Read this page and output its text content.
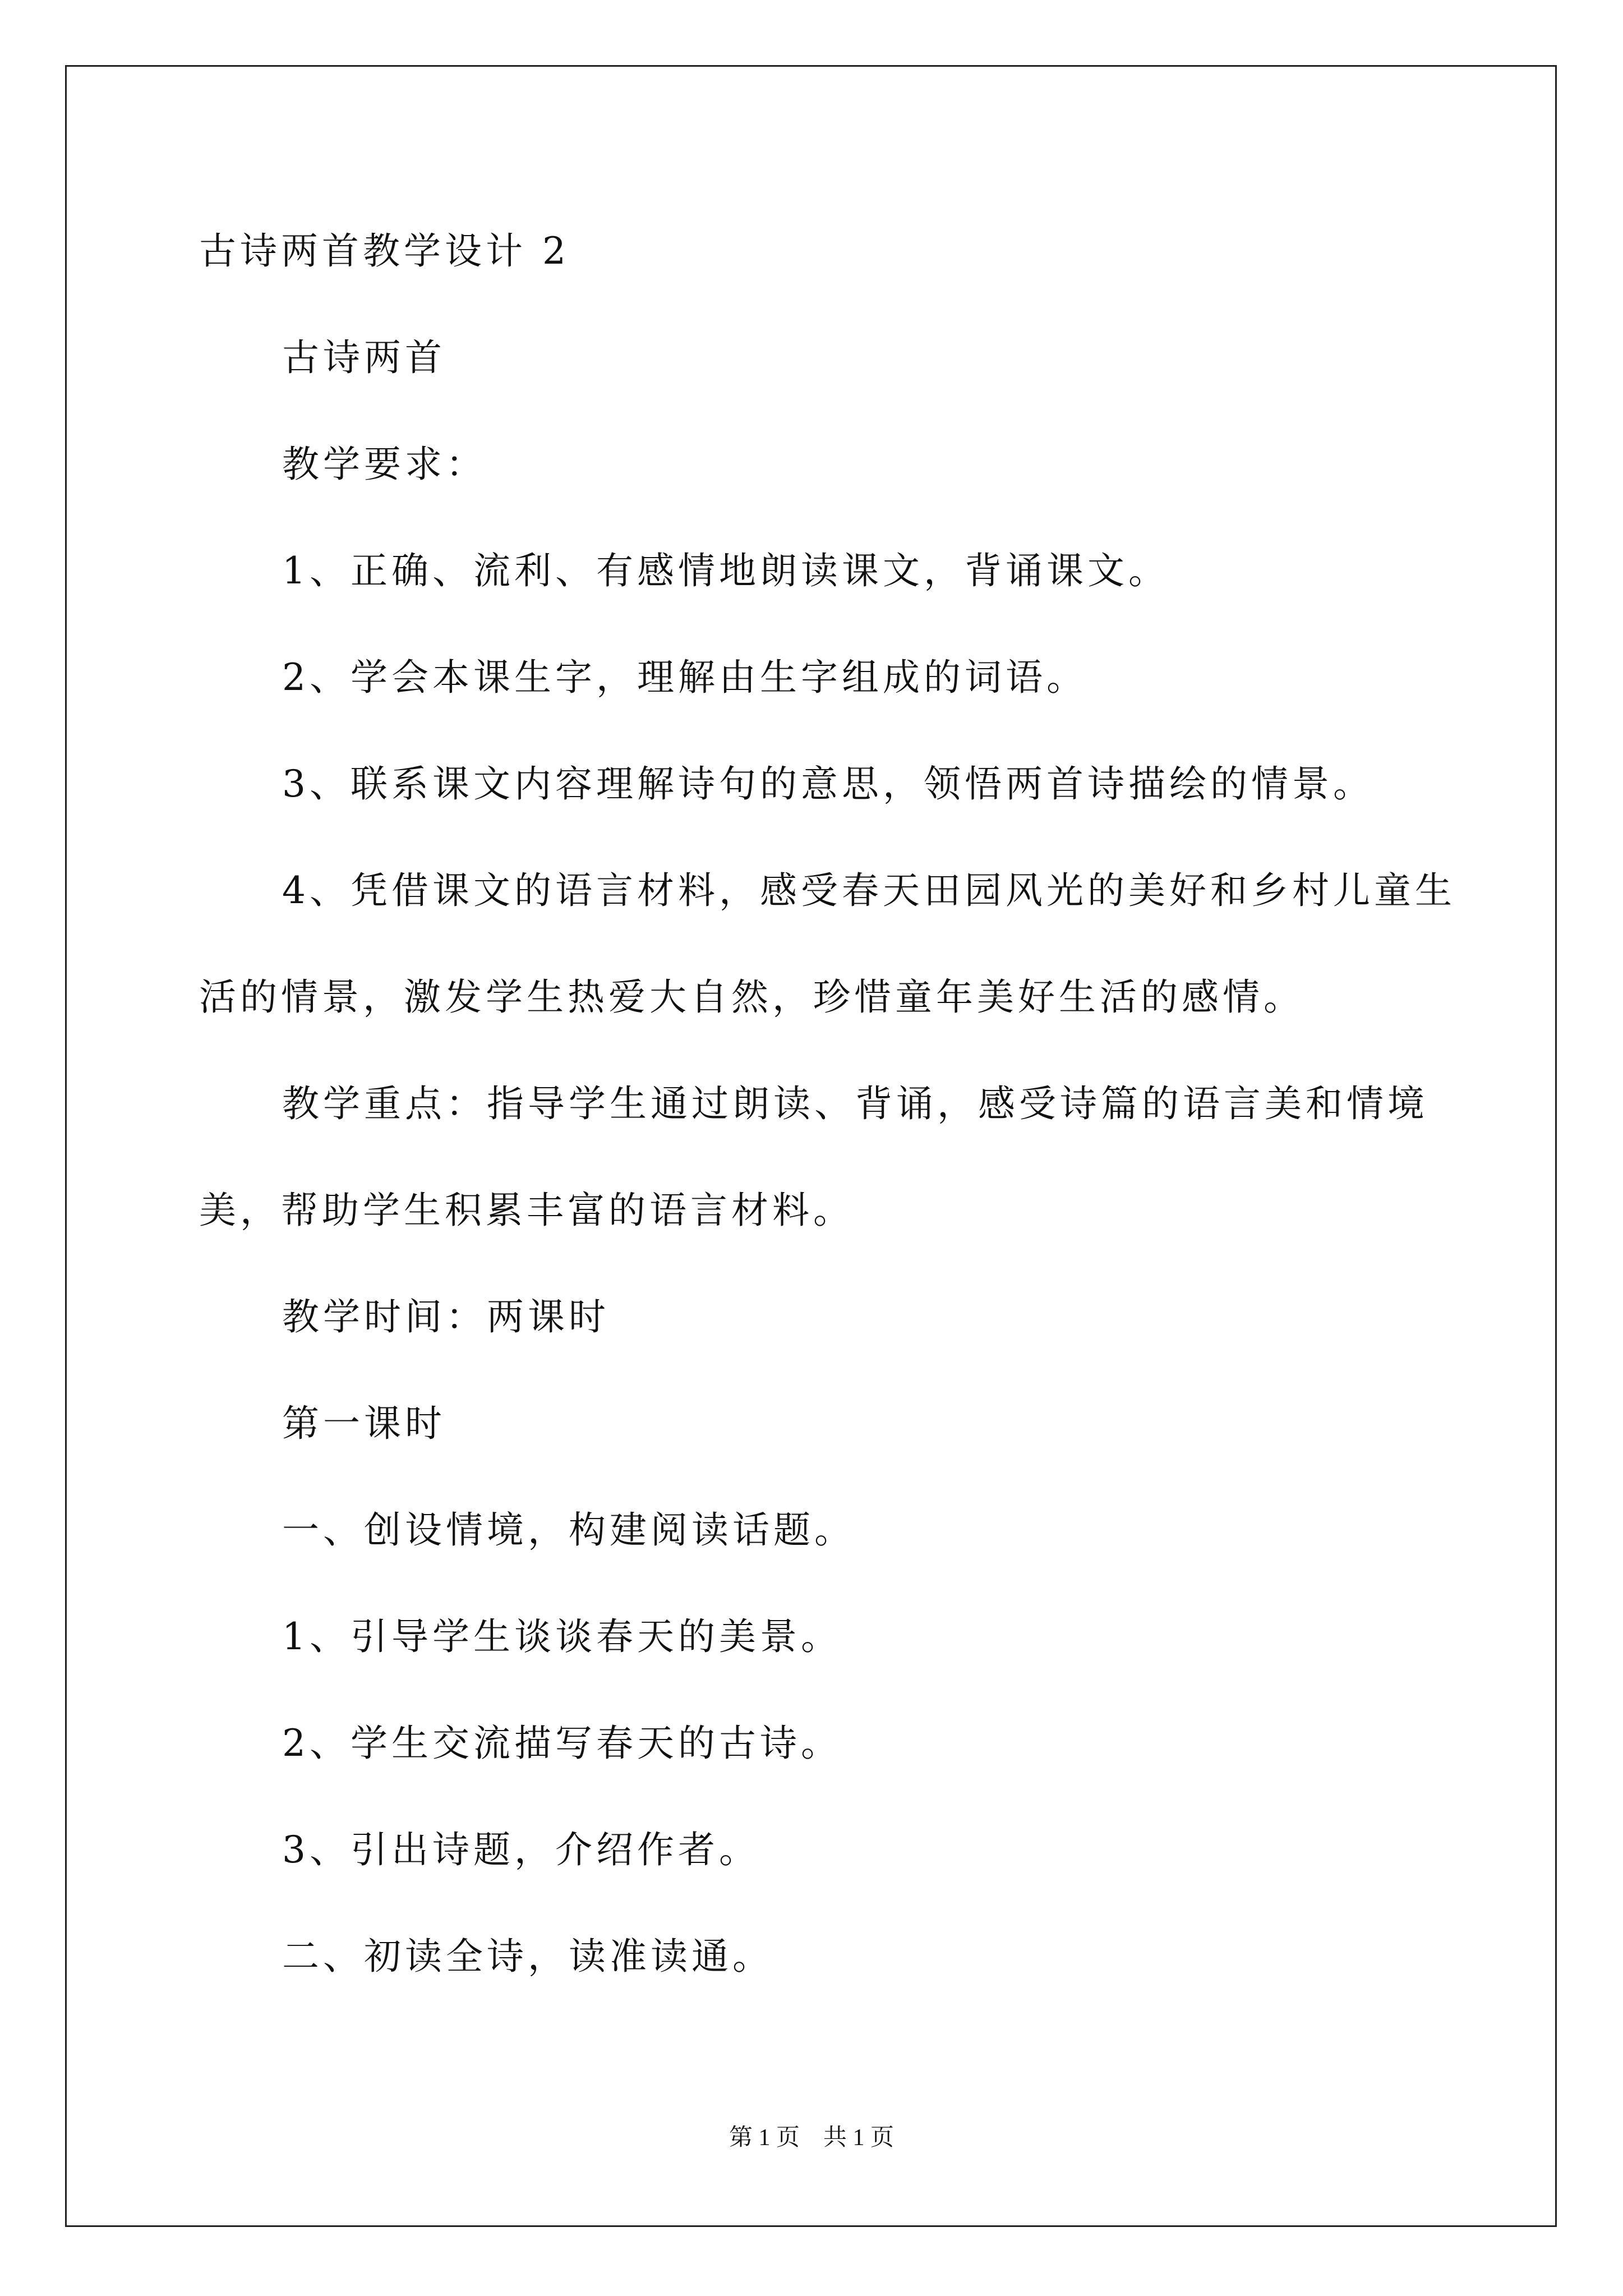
古诗两首教学设计 2
古诗两首
教学要求：
1、正确、流利、有感情地朗读课文，背诵课文。
2、学会本课生字，理解由生字组成的词语。
3、联系课文内容理解诗句的意思，领悟两首诗描绘的情景。
4、凭借课文的语言材料，感受春天田园风光的美好和乡村儿童生
活的情景，激发学生热爱大自然，珍惜童年美好生活的感情。
教学重点：指导学生通过朗读、背诵，感受诗篇的语言美和情境
美，帮助学生积累丰富的语言材料。
教学时间：两课时
第一课时
一、创设情境，构建阅读话题。
1、引导学生谈谈春天的美景。
2、学生交流描写春天的古诗。
3、引出诗题，介绍作者。
二、初读全诗，读准读通。
第 1 页　共 1 页
